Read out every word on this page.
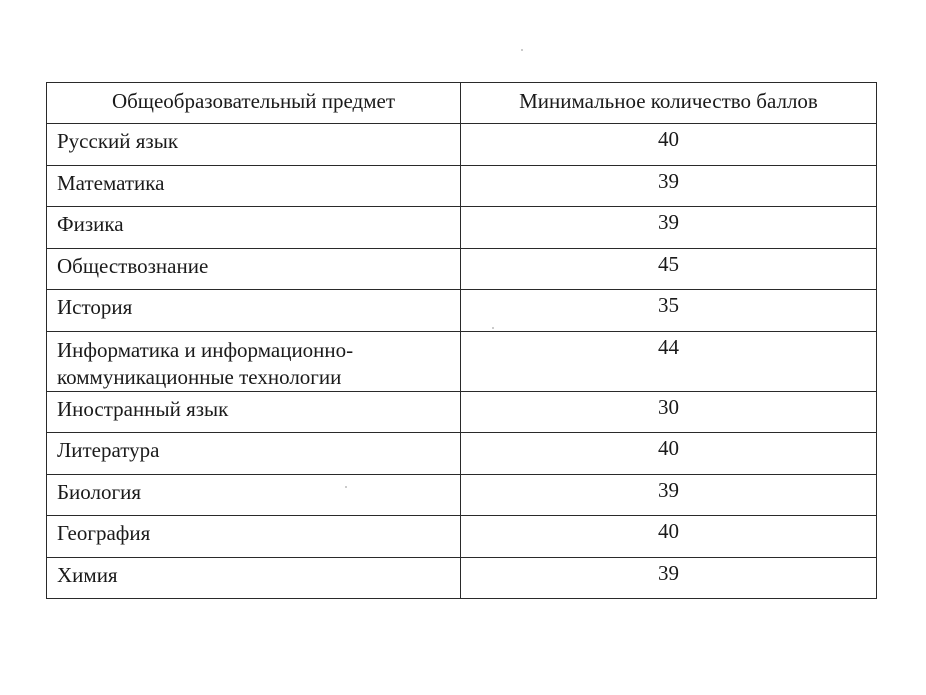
Общеобразовательный предмет	Минимальное количество баллов
Русский язык	40
Математика	39
Физика	39
Обществознание	45
История	35
Информатика и информационно-коммуникационные технологии	44
Иностранный язык	30
Литература	40
Биология	39
География	40
Химия	39
